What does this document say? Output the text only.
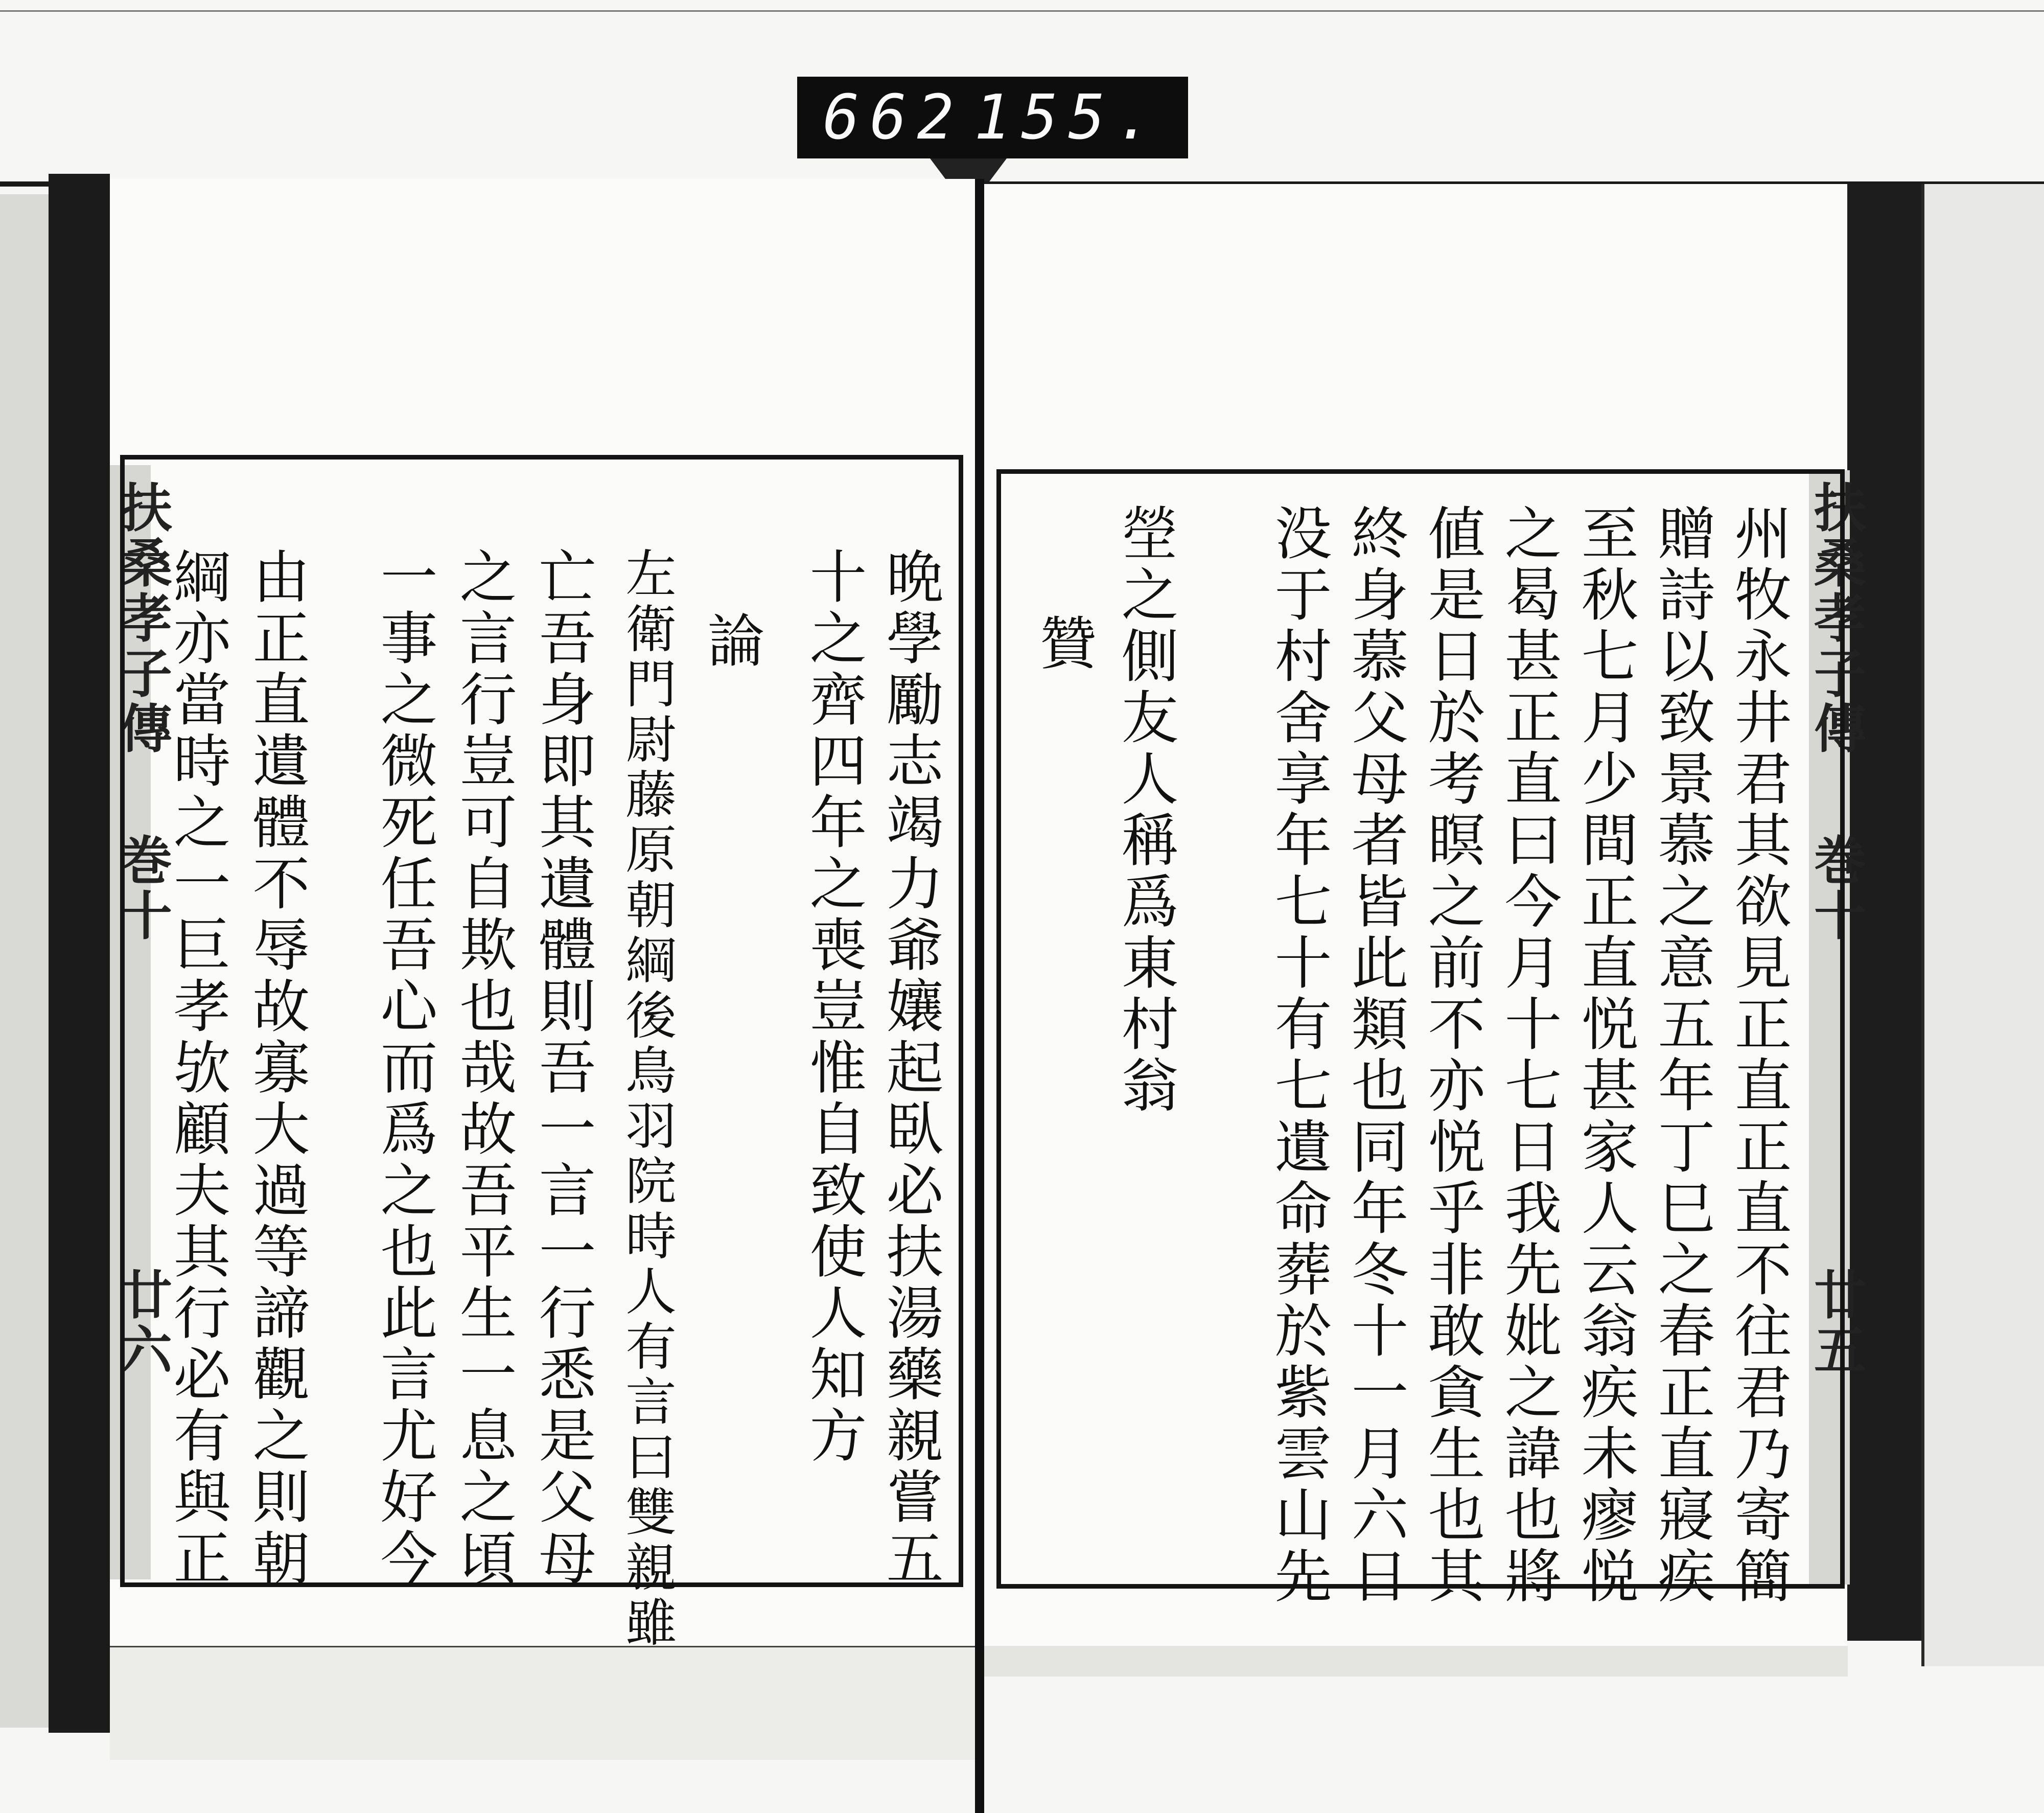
662 155.
扶桑孝子傳
巻十
廿六
扶桑孝子傳
巻十
廿五
州牧永井君其欲見正直正直不往君乃寄簡
贈詩以致景慕之意五年丁巳之春正直寢疾
至秋七月少間正直悦甚家人云翁疾未瘳悦
之曷甚正直曰今月十七日我先妣之諱也將
値是日於考瞑之前不亦悦乎非敢貪生也其
終身慕父母者皆此類也同年冬十一月六日
没于村舍享年七十有七遺命葬於紫雲山先
塋之側友人稱爲東村翁
贊
晩學勵志竭力爺孃起臥必扶湯藥親嘗五
十之齊四年之喪豈惟自致使人知方
論
左衛門尉藤原朝綱後鳥羽院時人有言曰雙親雖
亡吾身即其遺體則吾一言一行悉是父母
之言行豈可自欺也哉故吾平生一息之頃
一事之微死任吾心而爲之也此言尤好今
由正直遺體不辱故寡大過等諦觀之則朝
綱亦當時之一巨孝欤顧夫其行必有與正
